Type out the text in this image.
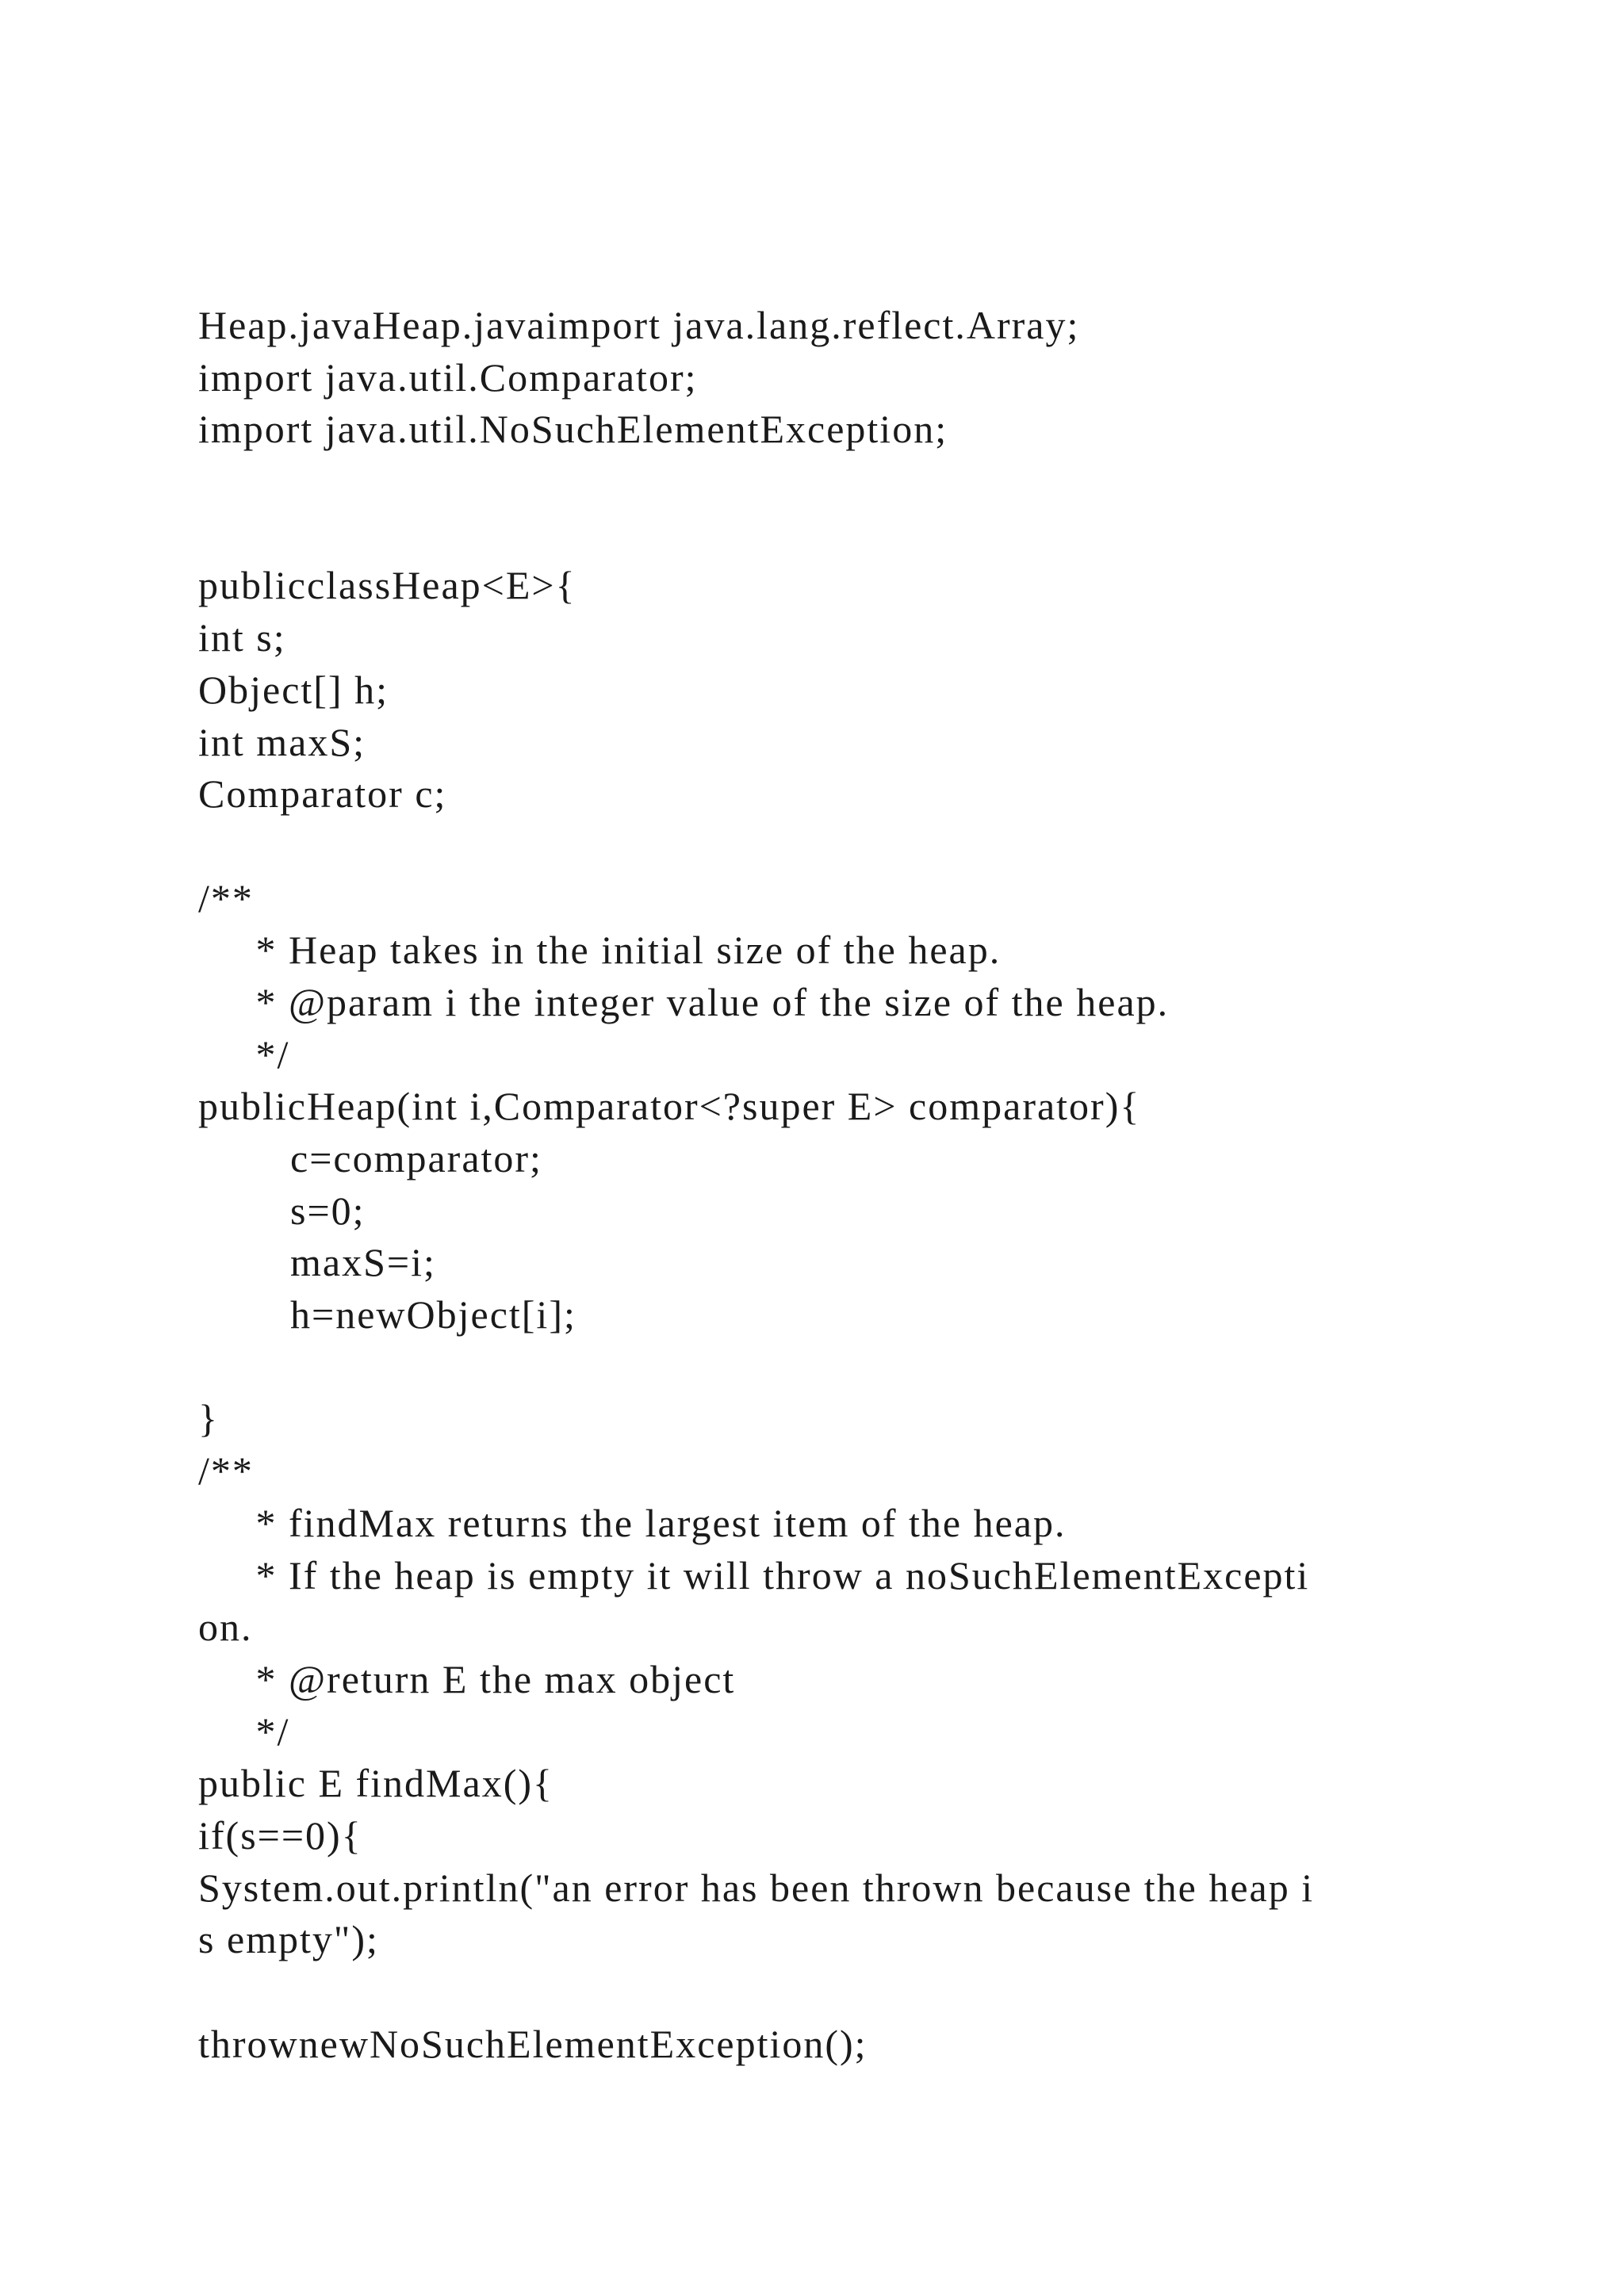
Heap.javaHeap.javaimport java.lang.reflect.Array;
import java.util.Comparator;
import java.util.NoSuchElementException;
publicclassHeap<E>{
int s;
Object[] h;
int maxS;
Comparator c;
/**
* Heap takes in the initial size of the heap.
* @param i the integer value of the size of the heap.
*/
publicHeap(int i,Comparator<?super E> comparator){
c=comparator;
s=0;
maxS=i;
h=newObject[i];
}
/**
* findMax returns the largest item of the heap.
* If the heap is empty it will throw a noSuchElementExcepti
on.
* @return E the max object
*/
public E findMax(){
if(s==0){
System.out.println("an error has been thrown because the heap i
s empty");
thrownewNoSuchElementException();
